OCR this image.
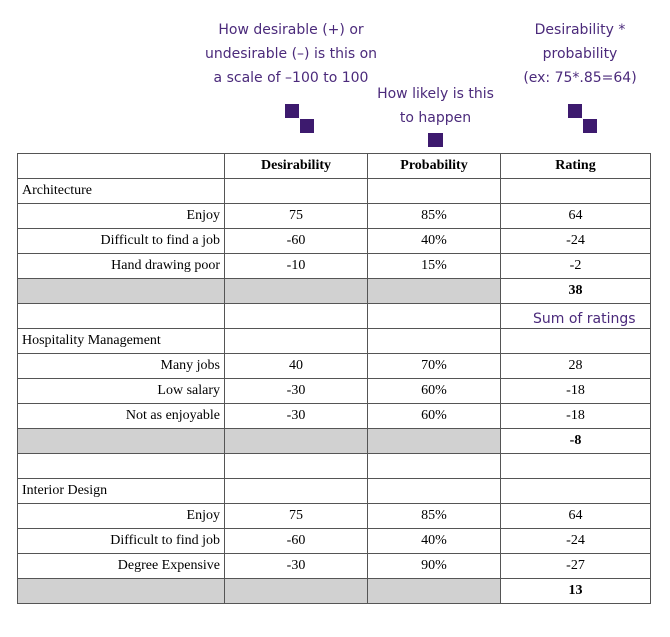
How desirable (+) or
undesirable (–) is this on
a scale of –100 to 100
How likely is this
to happen
Desirability *
probability
(ex: 75*.85=64)
	Desirability	Probability	Rating
Architecture			
Enjoy	75	85%	64
Difficult to find a job	-60	40%	-24
Hand drawing poor	-10	15%	-2
			38

Hospitality Management			
Many jobs	40	70%	28
Low salary	-30	60%	-18
Not as enjoyable	-30	60%	-18
			-8

Interior Design			
Enjoy	75	85%	64
Difficult to find job	-60	40%	-24
Degree Expensive	-30	90%	-27
			13
Sum of ratings
